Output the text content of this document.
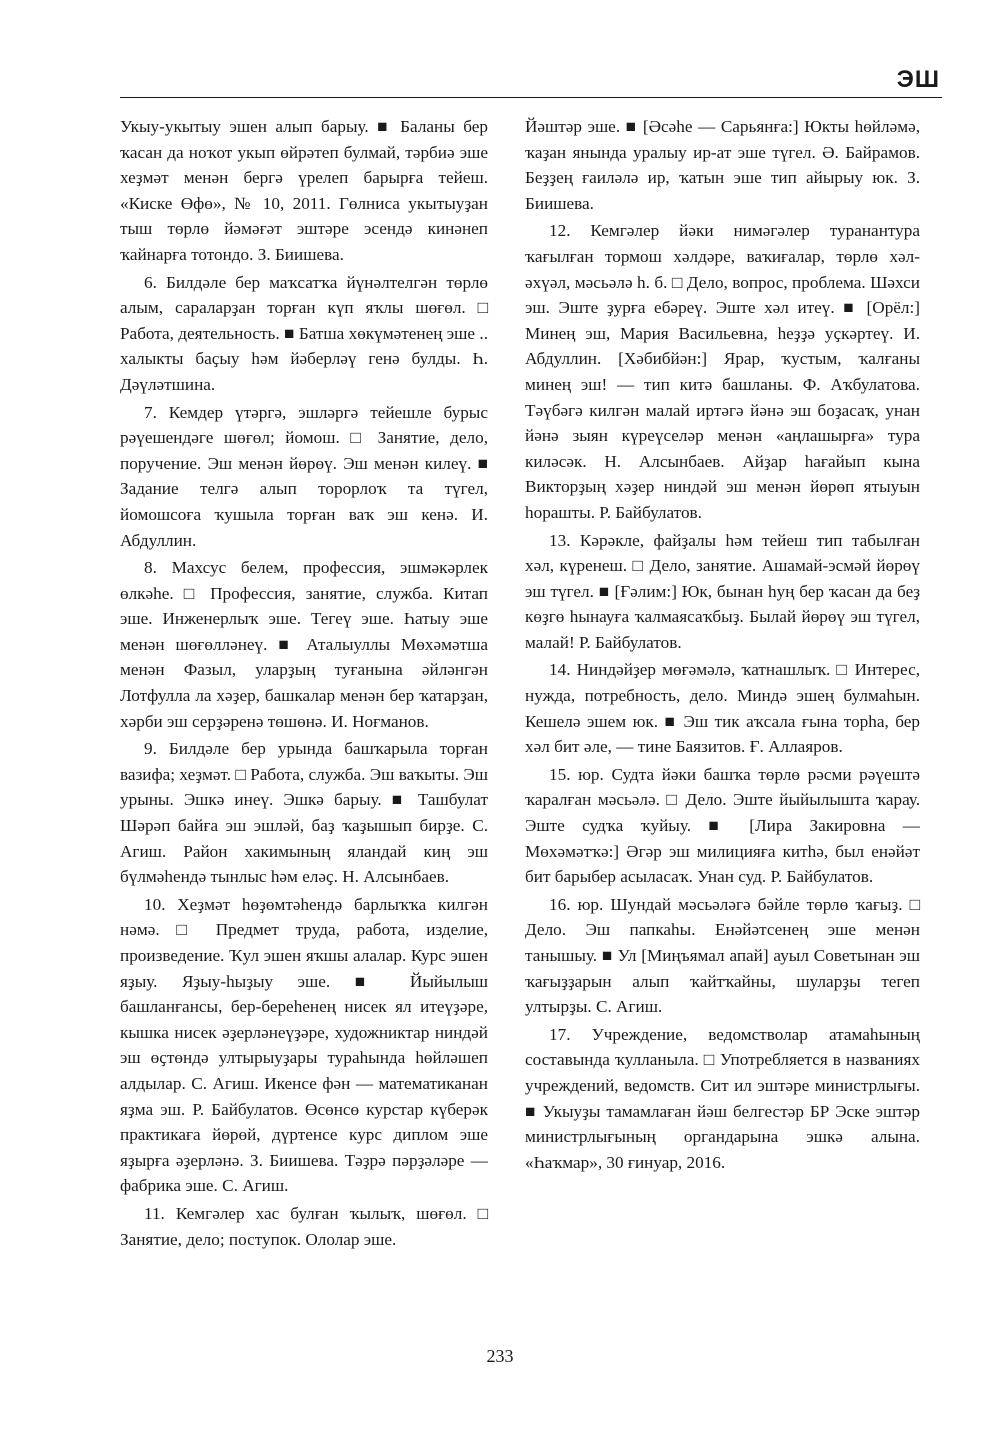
ЭШ

Укыу-укытыу эшен алып барыу. ■ Баланы бер ҡасан да ноҡот укып өйрәтеп булмай, тәрбиә эше хеҙмәт менән бергә үрелеп барырға тейеш. «Киске Өфө», № 10, 2011. Гөлниса укытыуҙан тыш төрлө йәмәғәт эштәре эсендә кинәнеп ҡайнарға тотондо. З. Биишева.

6. Билдәле бер маҡсатҡа йүнәлтелгән төрлө алым, сараларҙан торған күп яҡлы шөғөл. □ Работа, деятельность. ■ Батша хөкүмәтенең эше .. халыкты баҫыу һәм йәберләү генә булды. Һ. Дәүләтшина.

7. Кемдер үтәргә, эшләргә тейешле бурыс рәүешендәге шөғөл; йомош. □ Занятие, дело, поручение. Эш менән йөрөү. Эш менән килеү. ■ Задание телгә алып торорлоҡ та түгел, йомошсоға ҡушыла торған ваҡ эш кенә. И. Абдуллин.

8. Махсус белем, профессия, эшмәкәрлек өлкәһе. □ Профессия, занятие, служба. Китап эше. Инженерлыҡ эше. Тегеү эше. Һатыу эше менән шөғөлләнеү. ■ Аталыуллы Мөхәмәтша менән Фазыл, уларҙың туғанына әйләнгән Лотфулла ла хәҙер, башкалар менән бер ҡатарҙан, хәрби эш серҙәренә төшөнә. И. Ноғманов.

9. Билдәле бер урында башҡарыла торған вазифа; хеҙмәт. □ Работа, служба. Эш ваҡыты. Эш урыны. Эшкә инеү. Эшкә барыу. ■ Ташбулат Шәрәп байға эш эшләй, баҙ ҡаҙышып бирҙе. С. Агиш. Район хакимының яландай киң эш бүлмәһендә тынлыс һәм еләҫ. Н. Алсынбаев.

10. Хеҙмәт һөҙөмтәһендә барлыҡҡа килгән нәмә. □ Предмет труда, работа, изделие, произведение. Ҡул эшен яҡшы алалар. Курс эшен яҙыу. Яҙыу-һыҙыу эше. ■ Йыйылыш башланғансы, бер-береһенең нисек ял итеүҙәре, кышка нисек әҙерләнеүҙәре, художниктар ниндәй эш өҫтөндә ултырыуҙары тураһында һөйләшеп алдылар. С. Агиш. Икенсе фән — математиканан яҙма эш. Р. Байбулатов. Өсөнсө курстар күберәк практикаға йөрөй, дүртенсе курс диплом эше яҙырға әҙерләнә. З. Биишева. Тәҙрә пәрҙәләре — фабрика эше. С. Агиш.

11. Кемгәлер хас булған ҡылыҡ, шөғөл. □ Занятие, дело; поступок. Ололар эше.

Йәштәр эше. ■ [Әсәһе — Сарьянға:] Юкты һөйләмә, ҡаҙан янында уралыу ир-ат эше түгел. Ә. Байрамов. Беҙҙең ғаиләлә ир, ҡатын эше тип айырыу юк. З. Биишева.

12. Кемгәлер йәки нимәгәлер туранантура ҡағылған тормош хәлдәре, ваҡиғалар, төрлө хәл-әхүәл, мәсьәлә һ. б. □ Дело, вопрос, проблема. Шәхси эш. Эште ҙурға ебәреү. Эште хәл итеү. ■ [Орёл:] Минең эш, Мария Васильевна, һеҙҙә уҫкәртеү. И. Абдуллин. [Хәбибйән:] Ярар, ҡустым, ҡалғаны минең эш! — тип китә башланы. Ф. Аҡбулатова. Тәүбәгә килгән малай иртәгә йәнә эш боҙасаҡ, унан йәнә зыян күреүселәр менән «аңлашырға» тура киләсәк. Н. Алсынбаев. Айҙар һағайып кына Викторҙың хәҙер ниндәй эш менән йөрөп ятыуын һорашты. Р. Байбулатов.

13. Кәрәкле, файҙалы һәм тейеш тип табылған хәл, күренеш. □ Дело, занятие. Ашамай-эсмәй йөрөү эш түгел. ■ [Ғәлим:] Юк, бынан һуң бер ҡасан да беҙ көҙгө һынауға ҡалмаясаҡбыҙ. Былай йөрөү эш түгел, малай! Р. Байбулатов.

14. Ниндәйҙер мөғәмәлә, ҡатнашлыҡ. □ Интерес, нужда, потребность, дело. Миндә эшең булмаһын. Кешелә эшем юк. ■ Эш тик аҡсала ғына торһа, бер хәл бит әле, — тине Баязитов. Ғ. Аллаяров.

15. юр. Судта йәки башҡа төрлө рәсми рәүештә ҡаралған мәсьәлә. □ Дело. Эште йыйылышта ҡарау. Эште судҡа ҡуйыу. ■ [Лира Закировна — Мөхәмәтҡә:] Әгәр эш милицияға китһә, был енәйәт бит барыбер асыласаҡ. Унан суд. Р. Байбулатов.

16. юр. Шундай мәсьәләгә бәйле төрлө ҡағыҙ. □ Дело. Эш папкаһы. Енәйәтсенең эше менән танышыу. ■ Ул [Миңъямал апай] ауыл Советынан эш ҡағыҙҙарын алып ҡайтҡайны, шуларҙы тегеп ултырҙы. С. Агиш.

17. Учреждение, ведомстволар атамаһының составында ҡулланыла. □ Употребляется в названиях учреждений, ведомств. Сит ил эштәре министрлығы. ■ Укыуҙы тамамлаған йәш белгестәр БР Эске эштәр министрлығының органдарына эшкә алына. «Һаҡмар», 30 ғинуар, 2016.

233
